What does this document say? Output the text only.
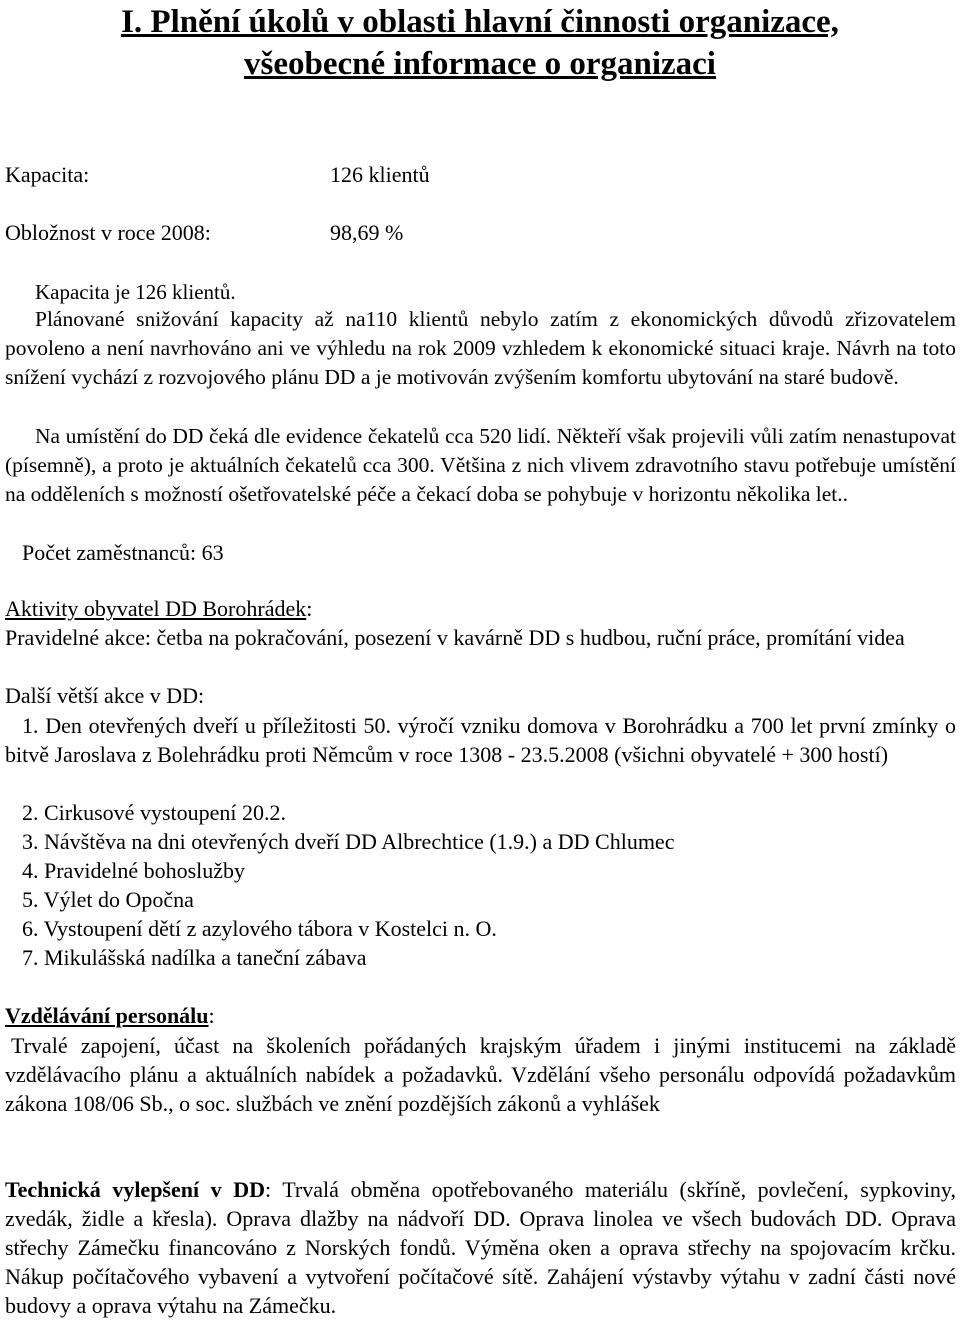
I. Plnění úkolů v oblasti hlavní činnosti organizace,
všeobecné informace o organizaci
Kapacita:	126 klientů
Obložnost v roce 2008:	98,69 %
Kapacita je 126 klientů.
Plánované snižování kapacity až na110 klientů nebylo zatím z ekonomických důvodů zřizovatelem povoleno a není navrhováno ani ve výhledu na rok 2009 vzhledem k ekonomické situaci kraje. Návrh na toto snížení vychází z rozvojového plánu DD a je motivován zvýšením komfortu ubytování na staré budově.
Na umístění do DD čeká dle evidence čekatelů cca 520 lidí. Někteří však projevili vůli zatím nenastupovat (písemně), a proto je aktuálních čekatelů cca 300. Většina z nich vlivem zdravotního stavu potřebuje umístění na odděleních s možností ošetřovatelské péče a čekací doba se pohybuje v horizontu několika let..
Počet zaměstnanců: 63
Aktivity obyvatel DD Borohrádek:
Pravidelné akce: četba na pokračování, posezení v kavárně DD s hudbou, ruční práce, promítání videa
Další větší akce v DD:
1. Den otevřených dveří u příležitosti 50. výročí vzniku domova v Borohrádku a 700 let první zmínky o bitvě Jaroslava z Bolehrádku proti Němcům v roce 1308 - 23.5.2008 (všichni obyvatelé + 300 hostí)
2. Cirkusové vystoupení 20.2.
3. Návštěva na dni otevřených dveří DD Albrechtice (1.9.) a DD Chlumec
4. Pravidelné bohoslužby
5. Výlet do Opočna
6. Vystoupení dětí z azylového tábora v Kostelci n. O.
7. Mikulášská nadílka a taneční zábava
Vzdělávání personálu:
Trvalé zapojení, účast na školeních pořádaných krajským úřadem i jinými institucemi na základě vzdělávacího plánu a aktuálních nabídek a požadavků. Vzdělání všeho personálu odpovídá požadavkům zákona 108/06 Sb., o soc. službách ve znění pozdějších zákonů a vyhlášek
Technická vylepšení v DD: Trvalá obměna opotřebovaného materiálu (skříně, povlečení, sypkoviny, zvedák, židle a křesla). Oprava dlažby na nádvoří DD. Oprava linolea ve všech budovách DD. Oprava střechy Zámečku financováno z Norských fondů. Výměna oken a oprava střechy na spojovacím krčku. Nákup počítačového vybavení a vytvoření počítačové sítě. Zahájení výstavby výtahu v zadní části nové budovy a oprava výtahu na Zámečku.
